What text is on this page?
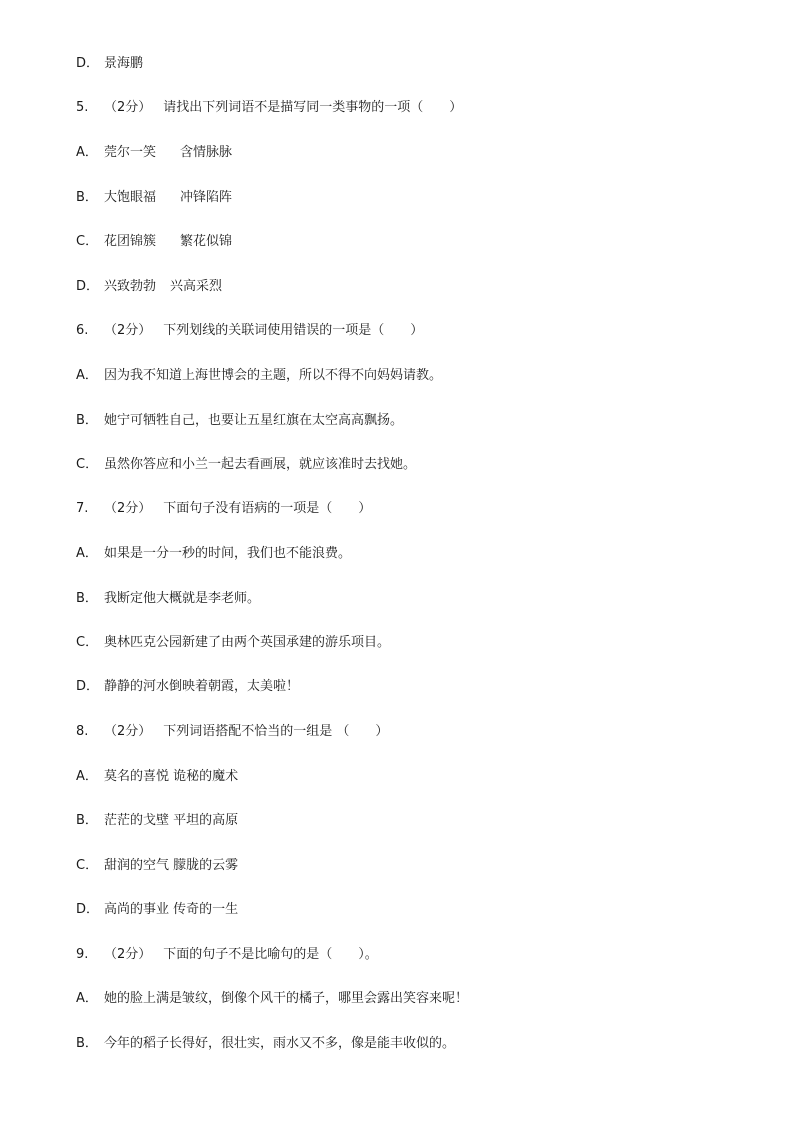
D． 景海鹏
5. （2分） 请找出下列词语不是描写同一类事物的一项（　　）
A． 莞尔一笑 含情脉脉
B． 大饱眼福 冲锋陷阵
C． 花团锦簇 繁花似锦
D． 兴致勃勃 兴高采烈
6. （2分） 下列划线的关联词使用错误的一项是（　　）
A． 因为我不知道上海世博会的主题，所以不得不向妈妈请教。
B． 她宁可牺牲自己，也要让五星红旗在太空高高飘扬。
C． 虽然你答应和小兰一起去看画展，就应该准时去找她。
7. （2分） 下面句子没有语病的一项是（　　）
A． 如果是一分一秒的时间，我们也不能浪费。
B． 我断定他大概就是李老师。
C． 奥林匹克公园新建了由两个英国承建的游乐项目。
D． 静静的河水倒映着朝霞，太美啦！
8. （2分） 下列词语搭配不恰当的一组是 （　　）
A． 莫名的喜悦 诡秘的魔术
B． 茫茫的戈壁 平坦的高原
C． 甜润的空气 朦胧的云雾
D． 高尚的事业 传奇的一生
9. （2分） 下面的句子不是比喻句的是（　　）。
A． 她的脸上满是皱纹，倒像个风干的橘子，哪里会露出笑容来呢！
B． 今年的稻子长得好，很壮实，雨水又不多，像是能丰收似的。
